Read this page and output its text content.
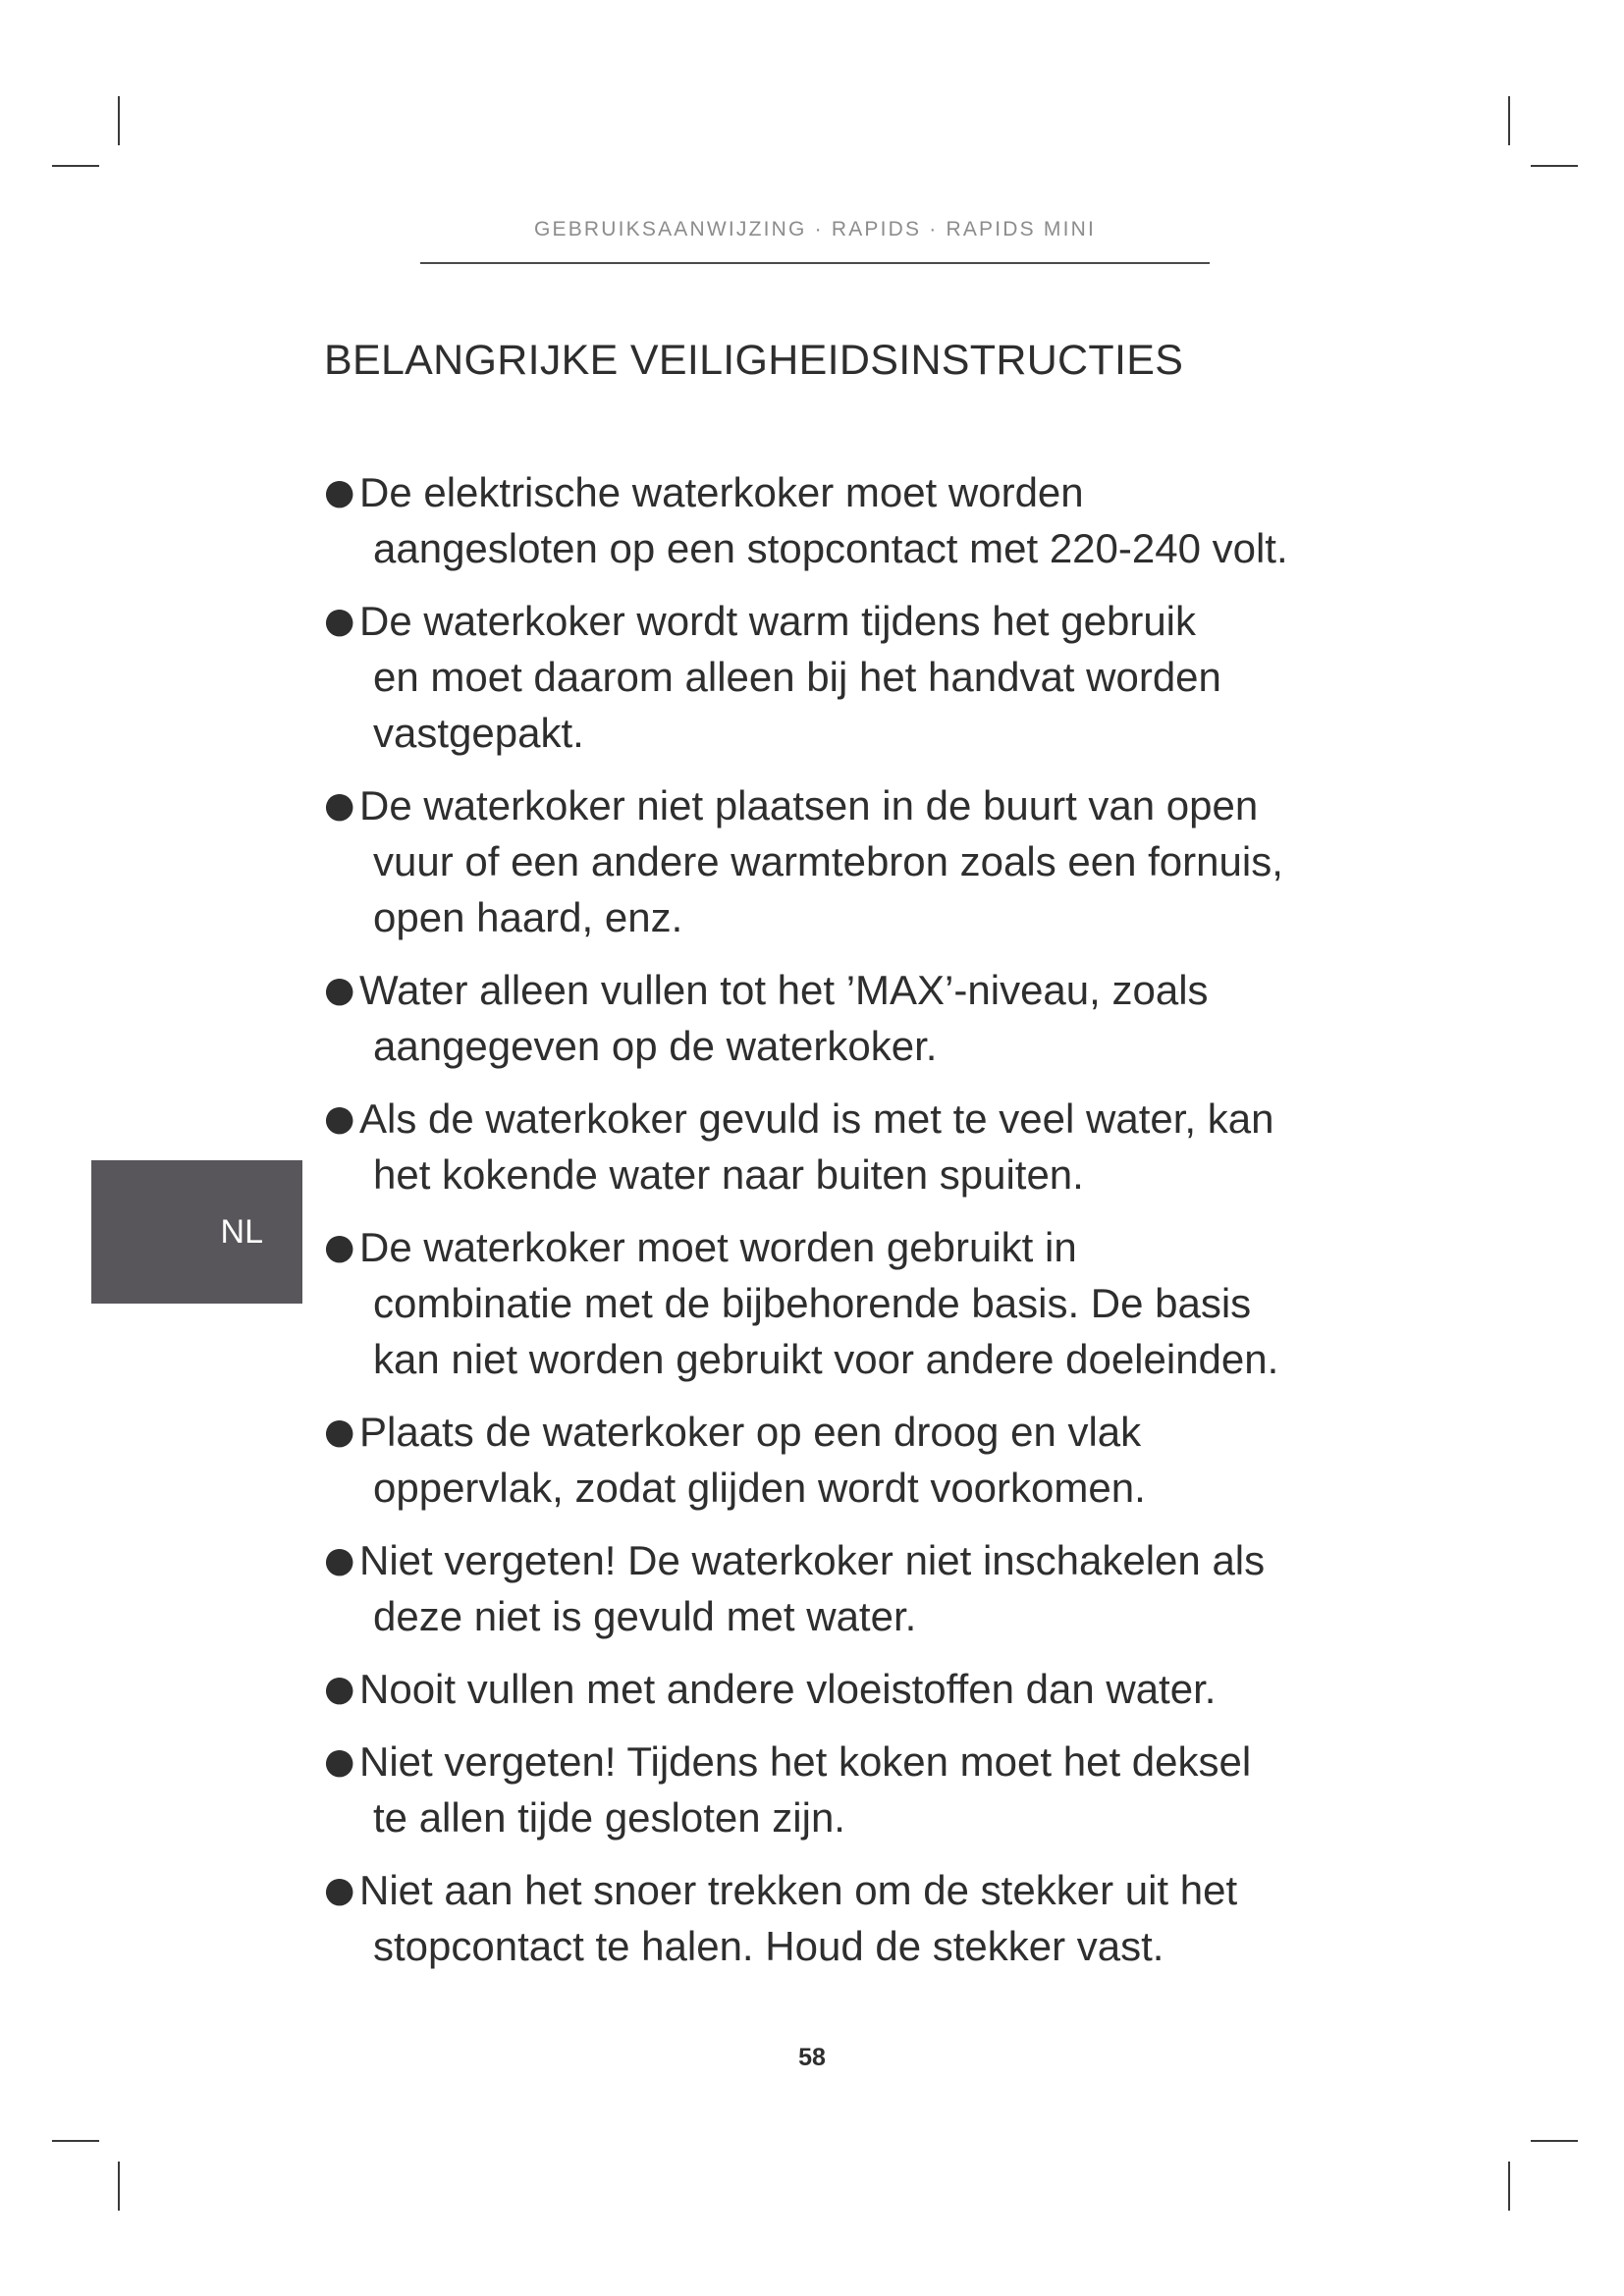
GEBRUIKSAANWIJZING · RAPIDS · RAPIDS MINI
BELANGRIJKE VEILIGHEIDSINSTRUCTIES
● De elektrische waterkoker moet worden
aangesloten op een stopcontact met 220-240 volt.
● De waterkoker wordt warm tijdens het gebruik
en moet daarom alleen bij het handvat worden
vastgepakt.
● De waterkoker niet plaatsen in de buurt van open
vuur of een andere warmtebron zoals een fornuis,
open haard, enz.
● Water alleen vullen tot het ’MAX’-niveau, zoals
aangegeven op de waterkoker.
● Als de waterkoker gevuld is met te veel water, kan
het kokende water naar buiten spuiten.
● De waterkoker moet worden gebruikt in
combinatie met de bijbehorende basis. De basis
kan niet worden gebruikt voor andere doeleinden.
● Plaats de waterkoker op een droog en vlak
oppervlak, zodat glijden wordt voorkomen.
● Niet vergeten! De waterkoker niet inschakelen als
deze niet is gevuld met water.
● Nooit vullen met andere vloeistoffen dan water.
● Niet vergeten! Tijdens het koken moet het deksel
te allen tijde gesloten zijn.
● Niet aan het snoer trekken om de stekker uit het
stopcontact te halen. Houd de stekker vast.
NL
58
